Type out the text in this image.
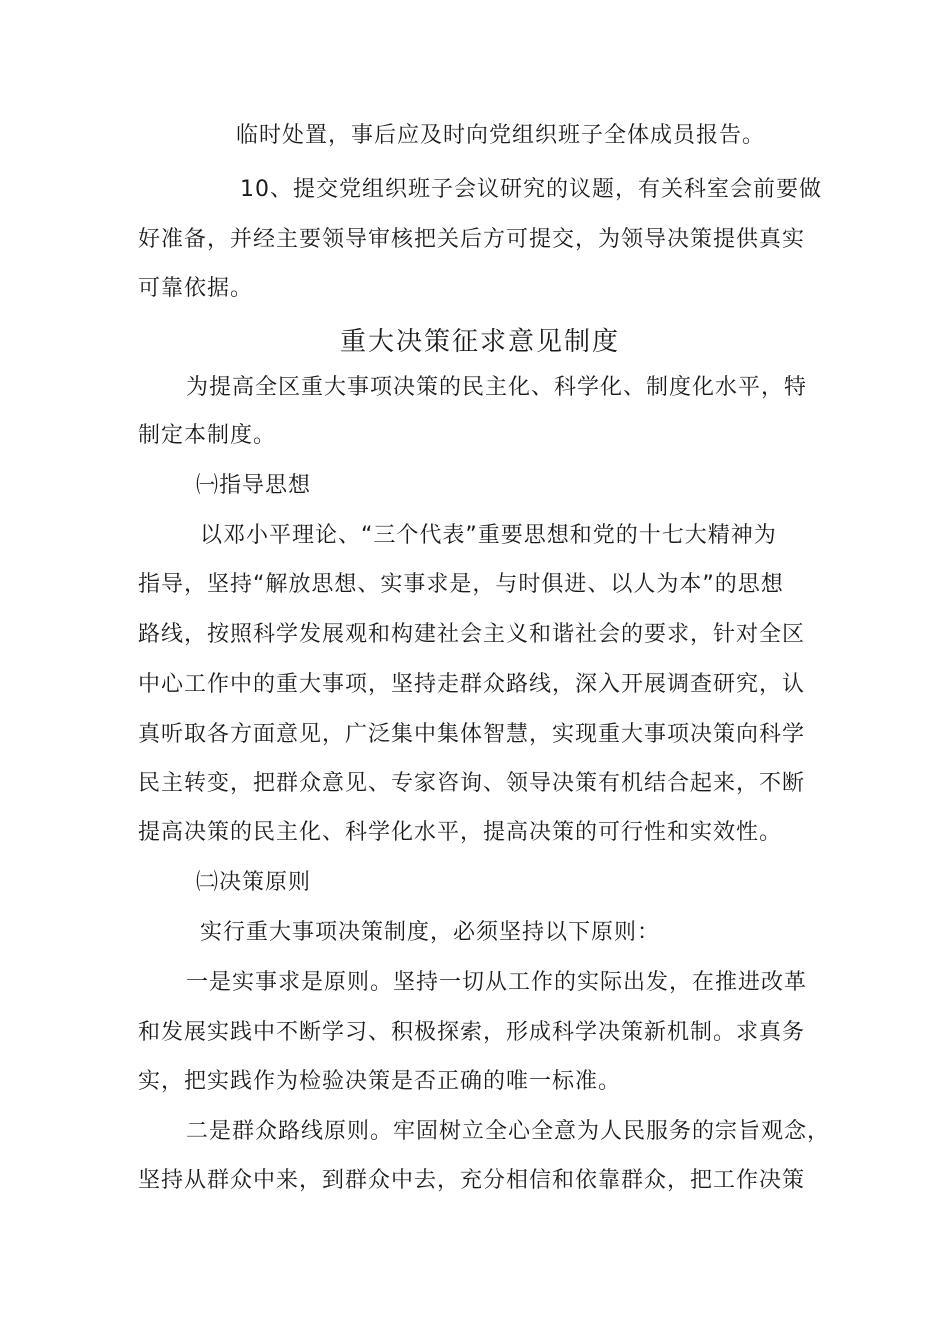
临时处置，事后应及时向党组织班子全体成员报告。
10、提交党组织班子会议研究的议题，有关科室会前要做
好准备，并经主要领导审核把关后方可提交，为领导决策提供真实
可靠依据。
重大决策征求意见制度
为提高全区重大事项决策的民主化、科学化、制度化水平，特
制定本制度。
㈠指导思想
以邓小平理论、“三个代表”重要思想和党的十七大精神为
指导，坚持“解放思想、实事求是，与时俱进、以人为本”的思想
路线，按照科学发展观和构建社会主义和谐社会的要求，针对全区
中心工作中的重大事项，坚持走群众路线，深入开展调查研究，认
真听取各方面意见，广泛集中集体智慧，实现重大事项决策向科学
民主转变，把群众意见、专家咨询、领导决策有机结合起来，不断
提高决策的民主化、科学化水平，提高决策的可行性和实效性。
㈡决策原则
实行重大事项决策制度，必须坚持以下原则：
一是实事求是原则。坚持一切从工作的实际出发，在推进改革
和发展实践中不断学习、积极探索，形成科学决策新机制。求真务
实，把实践作为检验决策是否正确的唯一标准。
二是群众路线原则。牢固树立全心全意为人民服务的宗旨观念，
坚持从群众中来，到群众中去，充分相信和依靠群众，把工作决策
